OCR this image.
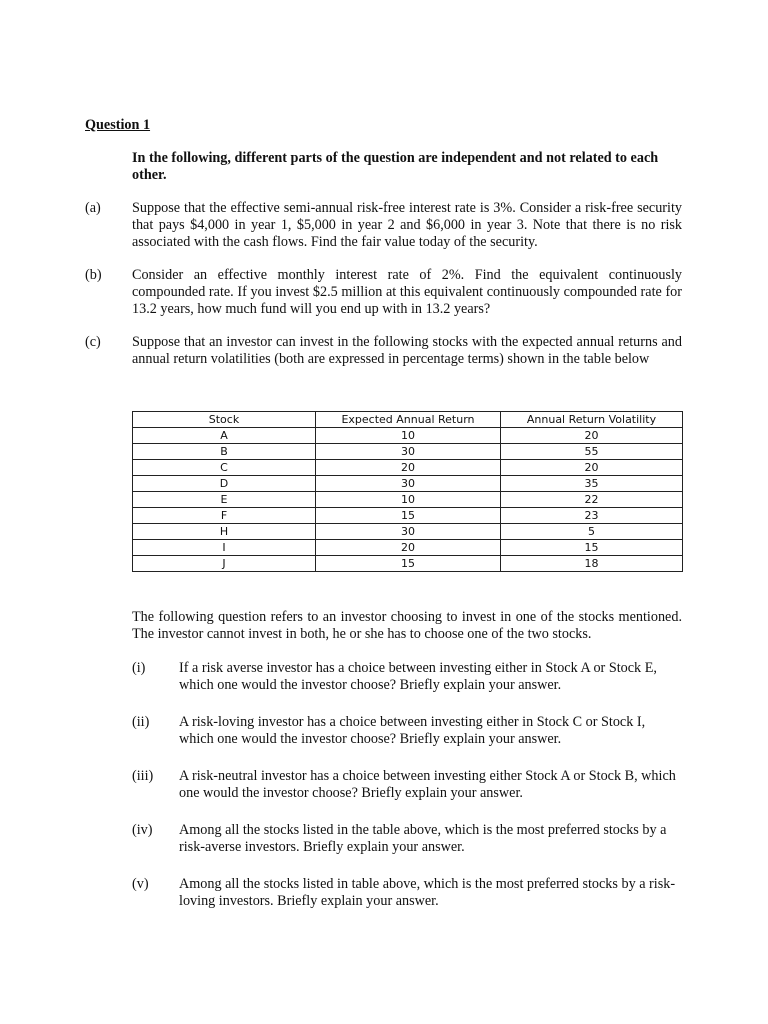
Question 1
In the following, different parts of the question are independent and not related to each other.
(a) Suppose that the effective semi-annual risk-free interest rate is 3%. Consider a risk-free security that pays $4,000 in year 1, $5,000 in year 2 and $6,000 in year 3. Note that there is no risk associated with the cash flows. Find the fair value today of the security.
(b) Consider an effective monthly interest rate of 2%. Find the equivalent continuously compounded rate. If you invest $2.5 million at this equivalent continuously compounded rate for 13.2 years, how much fund will you end up with in 13.2 years?
(c) Suppose that an investor can invest in the following stocks with the expected annual returns and annual return volatilities (both are expressed in percentage terms) shown in the table below
Stock	Expected Annual Return	Annual Return Volatility
A	10	20
B	30	55
C	20	20
D	30	35
E	10	22
F	15	23
H	30	5
I	20	15
J	15	18
The following question refers to an investor choosing to invest in one of the stocks mentioned. The investor cannot invest in both, he or she has to choose one of the two stocks.
(i) If a risk averse investor has a choice between investing either in Stock A or Stock E, which one would the investor choose? Briefly explain your answer.
(ii) A risk-loving investor has a choice between investing either in Stock C or Stock I, which one would the investor choose? Briefly explain your answer.
(iii) A risk-neutral investor has a choice between investing either Stock A or Stock B, which one would the investor choose? Briefly explain your answer.
(iv) Among all the stocks listed in the table above, which is the most preferred stocks by a risk-averse investors. Briefly explain your answer.
(v) Among all the stocks listed in table above, which is the most preferred stocks by a risk-loving investors. Briefly explain your answer.
